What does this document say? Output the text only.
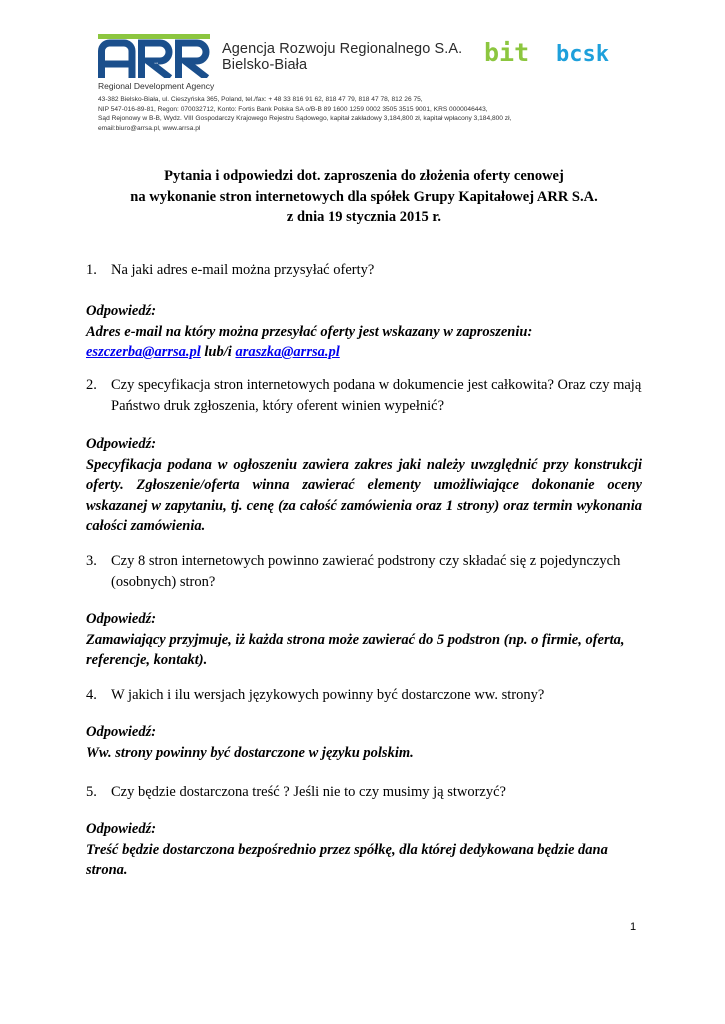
ARR
Agencja Rozwoju Regionalnego S.A.
Bielsko-Biała	bit bcsk
Regional Development Agency
43-382 Bielsko-Biała, ul. Cieszyńska 365, Poland, tel./fax: + 48 33 816 91 62, 818 47 79, 818 47 78, 812 26 75,
NIP 547-016-89-81, Regon: 070032712, Konto: Fortis Bank Polska SA o/B-B 89 1600 1259 0002 3505 3515 9001, KRS 0000046443,
Sąd Rejonowy w B-B, Wydz. VIII Gospodarczy Krajowego Rejestru Sądowego, kapitał zakładowy 3,184,800 zł, kapitał wpłacony 3,184,800 zł,
email:biuro@arrsa.pl, www.arrsa.pl
Pytania i odpowiedzi dot. zaproszenia do złożenia oferty cenowej
na wykonanie stron internetowych dla spółek Grupy Kapitałowej ARR S.A.
z dnia 19 stycznia 2015 r.
1. Na jaki adres e-mail można przysyłać oferty?
Odpowiedź:
Adres e-mail na który można przesyłać oferty jest wskazany w zaproszeniu:
eszczerba@arrsa.pl lub/i araszka@arrsa.pl
2. Czy specyfikacja stron internetowych podana w dokumencie jest całkowita? Oraz czy mają Państwo druk zgłoszenia, który oferent winien wypełnić?
Odpowiedź:
Specyfikacja podana w ogłoszeniu zawiera zakres jaki należy uwzględnić przy konstrukcji oferty. Zgłoszenie/oferta winna zawierać elementy umożliwiające dokonanie oceny wskazanej w zapytaniu, tj. cenę (za całość zamówienia oraz 1 strony) oraz termin wykonania całości zamówienia.
3. Czy 8 stron internetowych powinno zawierać podstrony czy składać się z pojedynczych (osobnych) stron?
Odpowiedź:
Zamawiający przyjmuje, iż każda strona może zawierać do 5 podstron (np. o firmie, oferta, referencje, kontakt).
4. W jakich i ilu wersjach językowych powinny być dostarczone ww. strony?
Odpowiedź:
Ww. strony powinny być dostarczone w języku polskim.
5. Czy będzie dostarczona treść ? Jeśli nie to czy musimy ją stworzyć?
Odpowiedź:
Treść będzie dostarczona bezpośrednio przez spółkę, dla której dedykowana będzie dana strona.
1
